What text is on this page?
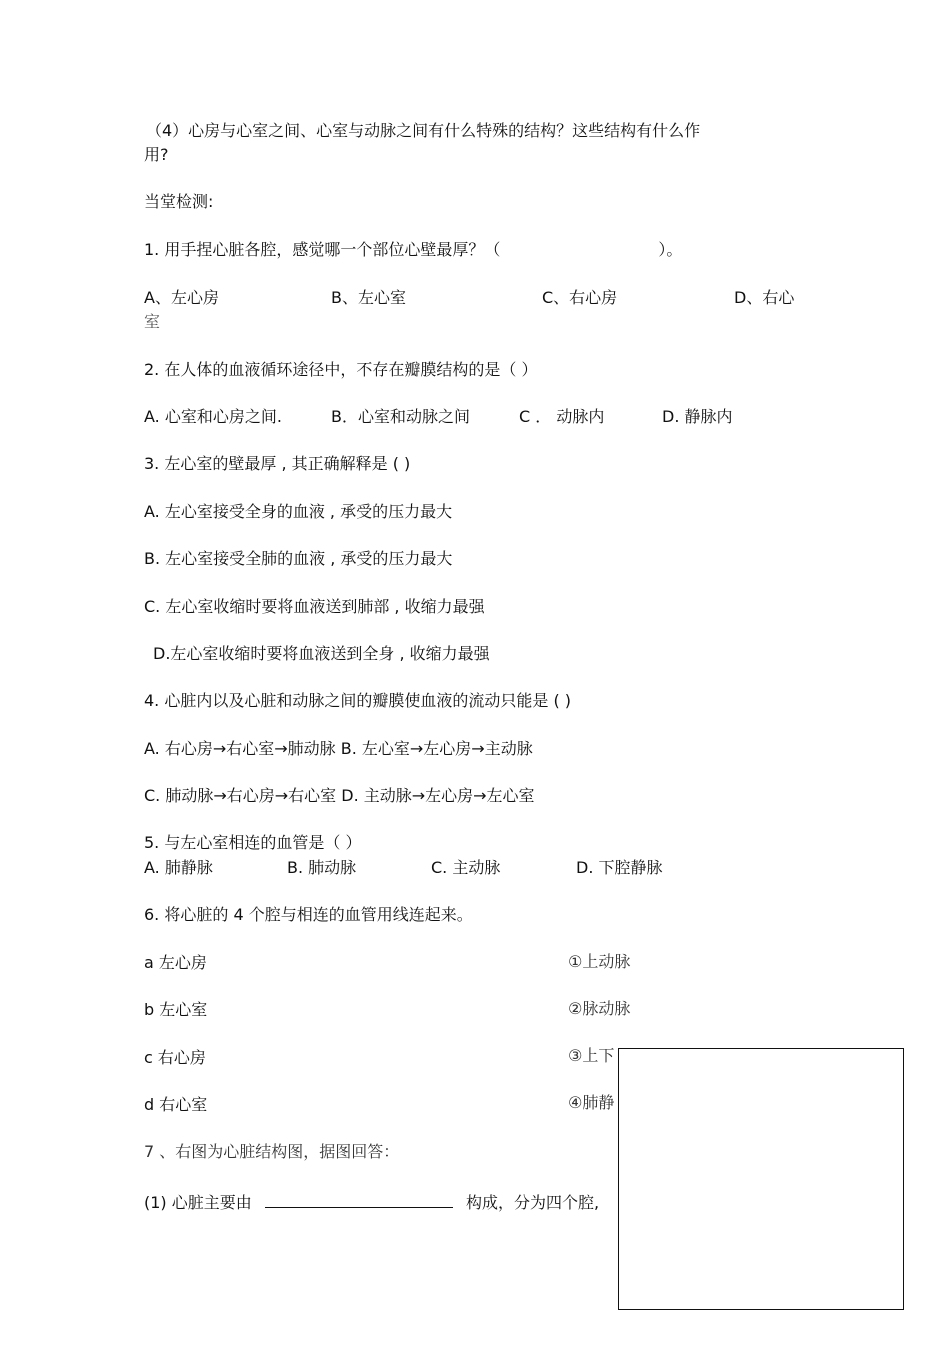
（4）心房与心室之间、心室与动脉之间有什么特殊的结构？这些结构有什么作
用?
当堂检测:
1. 用手捏心脏各腔，感觉哪一个部位心壁最厚？（	）。
A、左心房	B、左心室	C、右心房	D、右心
室
2. 在人体的血液循环途径中，不存在瓣膜结构的是（ ）
A. 心室和心房之间.	B．心室和动脉之间	C ． 动脉内	D. 静脉内
3. 左心室的壁最厚 , 其正确解释是 ( )
A. 左心室接受全身的血液 , 承受的压力最大
B. 左心室接受全肺的血液 , 承受的压力最大
C. 左心室收缩时要将血液送到肺部 , 收缩力最强
D.左心室收缩时要将血液送到全身 , 收缩力最强
4. 心脏内以及心脏和动脉之间的瓣膜使血液的流动只能是 ( )
A. 右心房→右心室→肺动脉 B. 左心室→左心房→主动脉
C. 肺动脉→右心房→右心室 D. 主动脉→左心房→左心室
5. 与左心室相连的血管是（ ）
A. 肺静脉	B. 肺动脉	C. 主动脉	D. 下腔静脉
6. 将心脏的 4 个腔与相连的血管用线连起来。
a 左心房
b 左心室
c 右心房
d 右心室
①上动脉
②脉动脉
③上下
④肺静
7 、右图为心脏结构图，据图回答：
(1) 心脏主要由	构成，分为四个腔,
